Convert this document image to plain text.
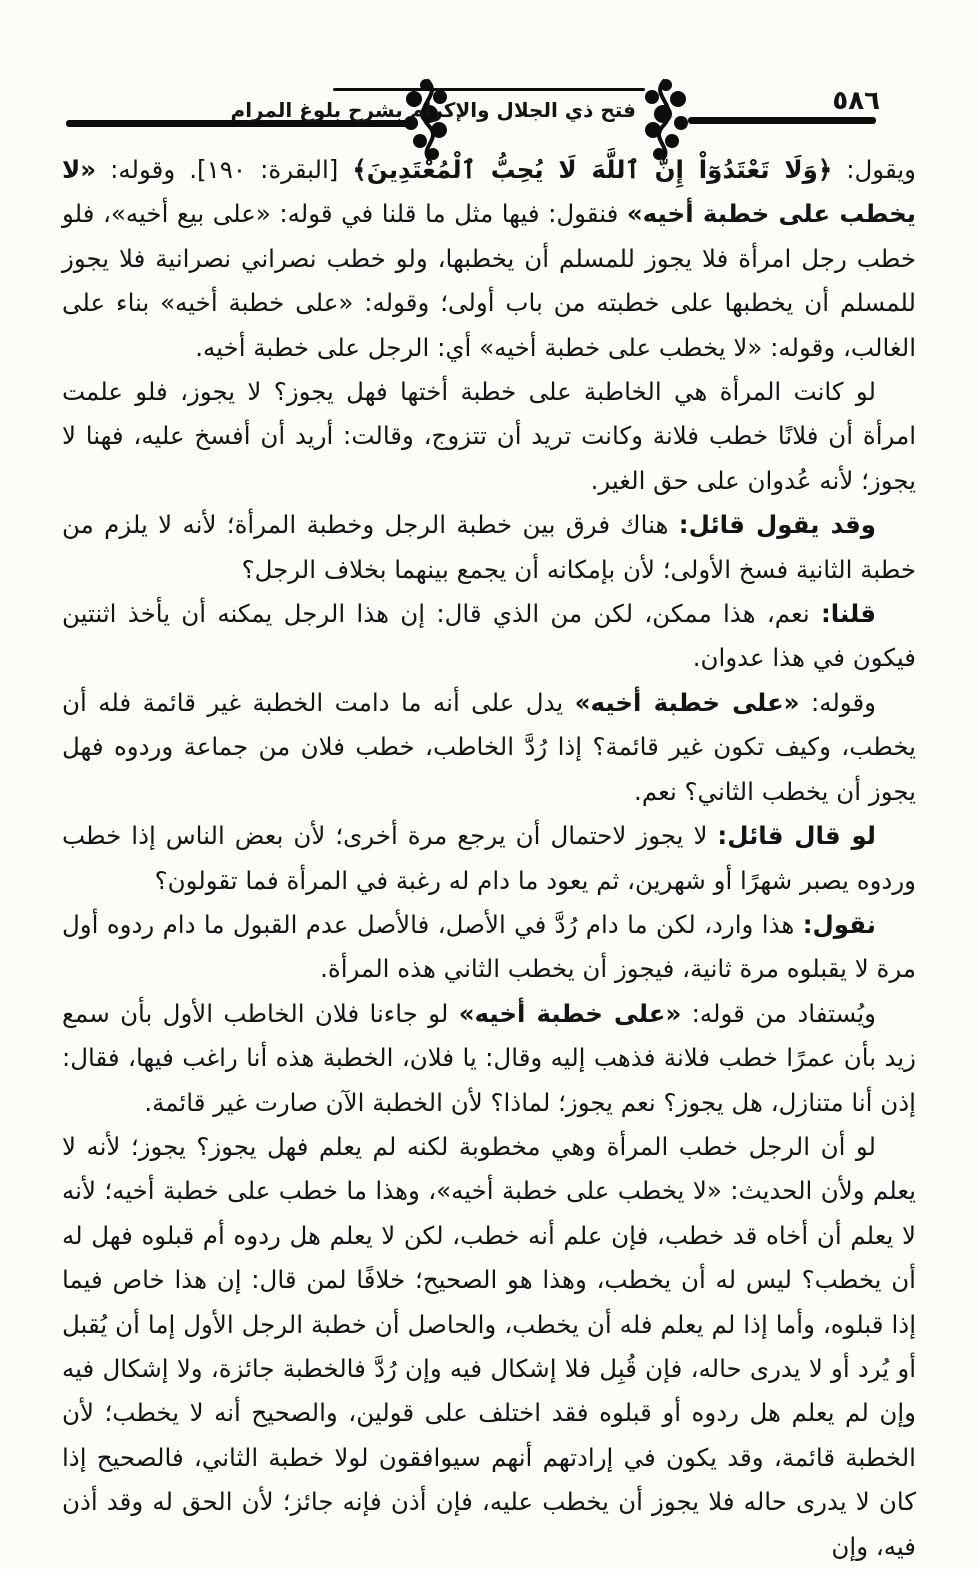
٥٨٦
فتح ذي الجلال والإكرام بشرح بلوغ المرام

ويقول: ﴿وَلَا تَعْتَدُوٓاْ إِنَّ ٱللَّهَ لَا يُحِبُّ ٱلْمُعْتَدِينَ﴾ [البقرة: ١٩٠]. وقوله: «لا يخطب على خطبة أخيه» فنقول: فيها مثل ما قلنا في قوله: «على بيع أخيه»، فلو خطب رجل امرأة فلا يجوز للمسلم أن يخطبها، ولو خطب نصراني نصرانية فلا يجوز للمسلم أن يخطبها على خطبته من باب أولى؛ وقوله: «على خطبة أخيه» بناء على الغالب، وقوله: «لا يخطب على خطبة أخيه» أي: الرجل على خطبة أخيه.

لو كانت المرأة هي الخاطبة على خطبة أختها فهل يجوز؟ لا يجوز، فلو علمت امرأة أن فلانًا خطب فلانة وكانت تريد أن تتزوج، وقالت: أريد أن أفسخ عليه، فهنا لا يجوز؛ لأنه عُدوان على حق الغير.

وقد يقول قائل: هناك فرق بين خطبة الرجل وخطبة المرأة؛ لأنه لا يلزم من خطبة الثانية فسخ الأولى؛ لأن بإمكانه أن يجمع بينهما بخلاف الرجل؟

قلنا: نعم، هذا ممكن، لكن من الذي قال: إن هذا الرجل يمكنه أن يأخذ اثنتين فيكون في هذا عدوان.

وقوله: «على خطبة أخيه» يدل على أنه ما دامت الخطبة غير قائمة فله أن يخطب، وكيف تكون غير قائمة؟ إذا رُدَّ الخاطب، خطب فلان من جماعة وردوه فهل يجوز أن يخطب الثاني؟ نعم.

لو قال قائل: لا يجوز لاحتمال أن يرجع مرة أخرى؛ لأن بعض الناس إذا خطب وردوه يصبر شهرًا أو شهرين، ثم يعود ما دام له رغبة في المرأة فما تقولون؟

نقول: هذا وارد، لكن ما دام رُدَّ في الأصل، فالأصل عدم القبول ما دام ردوه أول مرة لا يقبلوه مرة ثانية، فيجوز أن يخطب الثاني هذه المرأة.

ويُستفاد من قوله: «على خطبة أخيه» لو جاءنا فلان الخاطب الأول بأن سمع زيد بأن عمرًا خطب فلانة فذهب إليه وقال: يا فلان، الخطبة هذه أنا راغب فيها، فقال: إذن أنا متنازل، هل يجوز؟ نعم يجوز؛ لماذا؟ لأن الخطبة الآن صارت غير قائمة.

لو أن الرجل خطب المرأة وهي مخطوبة لكنه لم يعلم فهل يجوز؟ يجوز؛ لأنه لا يعلم ولأن الحديث: «لا يخطب على خطبة أخيه»، وهذا ما خطب على خطبة أخيه؛ لأنه لا يعلم أن أخاه قد خطب، فإن علم أنه خطب، لكن لا يعلم هل ردوه أم قبلوه فهل له أن يخطب؟ ليس له أن يخطب، وهذا هو الصحيح؛ خلافًا لمن قال: إن هذا خاص فيما إذا قبلوه، وأما إذا لم يعلم فله أن يخطب، والحاصل أن خطبة الرجل الأول إما أن يُقبل أو يُرد أو لا يدرى حاله، فإن قُبِل فلا إشكال فيه وإن رُدَّ فالخطبة جائزة، ولا إشكال فيه وإن لم يعلم هل ردوه أو قبلوه فقد اختلف على قولين، والصحيح أنه لا يخطب؛ لأن الخطبة قائمة، وقد يكون في إرادتهم أنهم سيوافقون لولا خطبة الثاني، فالصحيح إذا كان لا يدرى حاله فلا يجوز أن يخطب عليه، فإن أذن فإنه جائز؛ لأن الحق له وقد أذن فيه، وإن
